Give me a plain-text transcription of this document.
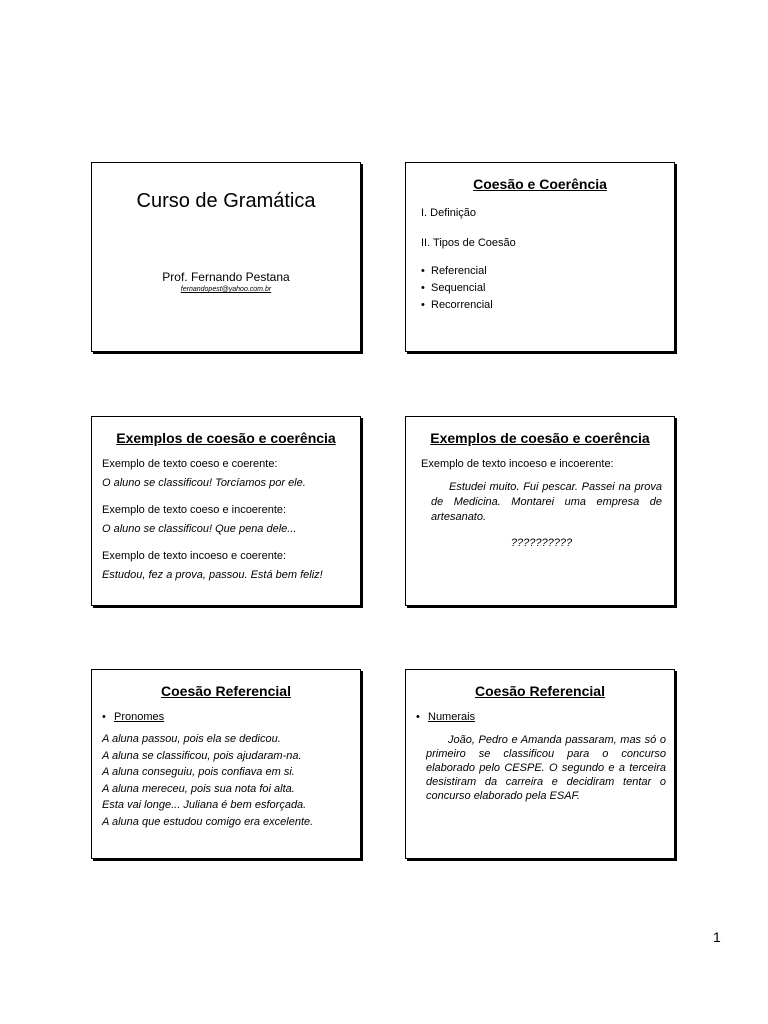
Curso de Gramática
Prof. Fernando Pestana
fernandopest@yahoo.com.br
Coesão e Coerência
I. Definição
II. Tipos de Coesão
• Referencial
• Sequencial
• Recorrencial
Exemplos de coesão e coerência

Exemplo de texto coeso e coerente:

O aluno se classificou! Torcíamos por ele.

Exemplo de texto coeso e incoerente:

O aluno se classificou! Que pena dele...

Exemplo de texto incoeso e coerente:

Estudou, fez a prova, passou. Está bem feliz!

Exemplos de coesão e coerência

Exemplo de texto incoeso e incoerente:

Estudei muito. Fui pescar. Passei na prova de Medicina. Montarei uma empresa de artesanato.

??????????

Coesão Referencial

• Pronomes

A aluna passou, pois ela se dedicou.
A aluna se classificou, pois ajudaram-na.
A aluna conseguiu, pois confiava em si.
A aluna mereceu, pois sua nota foi alta.
Esta vai longe... Juliana é bem esforçada.
A aluna que estudou comigo era excelente.
Coesão Referencial

• Numerais

João, Pedro e Amanda passaram, mas só o primeiro se classificou para o concurso elaborado pelo CESPE. O segundo e a terceira desistiram da carreira e decidiram tentar o concurso elaborado pela ESAF.

1
